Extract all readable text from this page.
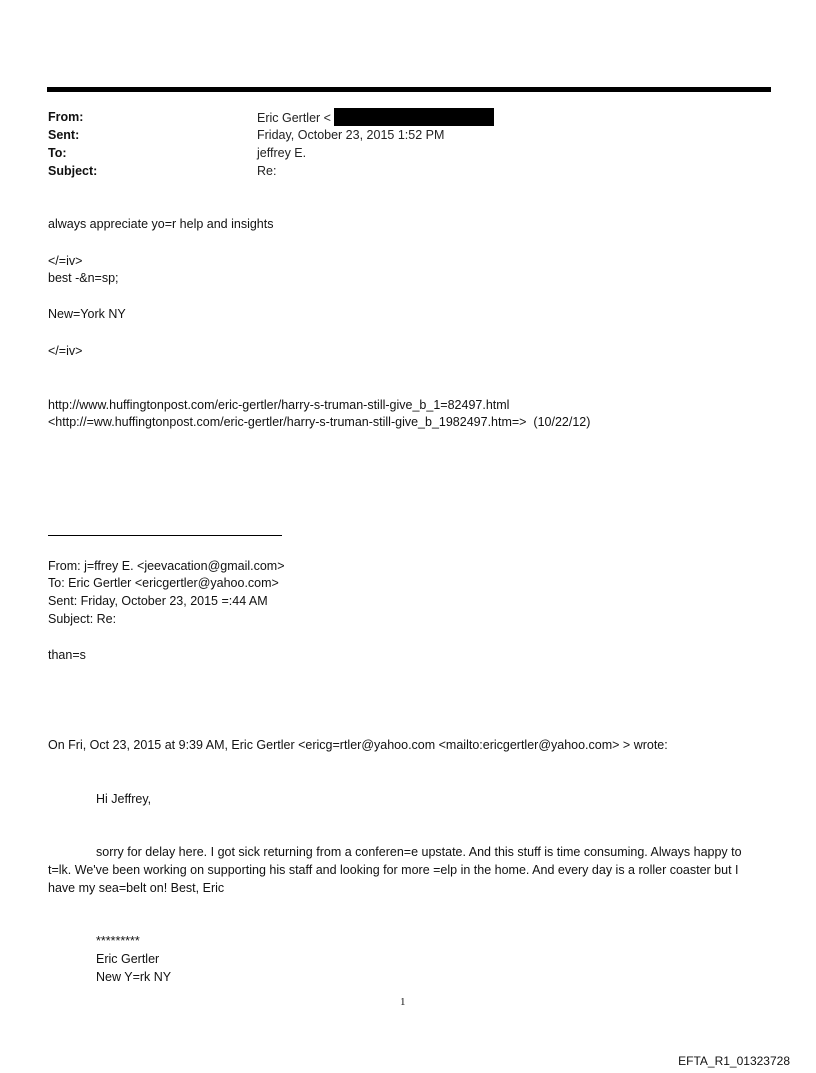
From:	Eric Gertler <
Sent:	Friday, October 23, 2015 1:52 PM
To:	jeffrey E.
Subject:	Re:
always appreciate yo=r help and insights
</=iv>
best -&n=sp;
New=York NY
</=iv>
http://www.huffingtonpost.com/eric-gertler/harry-s-truman-still-give_b_1=82497.html
<http://=ww.huffingtonpost.com/eric-gertler/harry-s-truman-still-give_b_1982497.htm=>  (10/22/12)
From: j=ffrey E. <jeevacation@gmail.com>
To: Eric Gertler <ericgertler@yahoo.com>
Sent: Friday, October 23, 2015 =:44 AM
Subject: Re:
than=s
On Fri, Oct 23, 2015 at 9:39 AM, Eric Gertler <ericg=rtler@yahoo.com <mailto:ericgertler@yahoo.com> > wrote:
Hi Jeffrey,
sorry for delay here. I got sick returning from a conferen=e upstate. And this stuff is time consuming. Always happy to t=lk. We've been working on supporting his staff and looking for more =elp in the home. And every day is a roller coaster but I have my sea=belt on! Best, Eric
*********
Eric Gertler
New Y=rk NY
1
EFTA_R1_01323728
